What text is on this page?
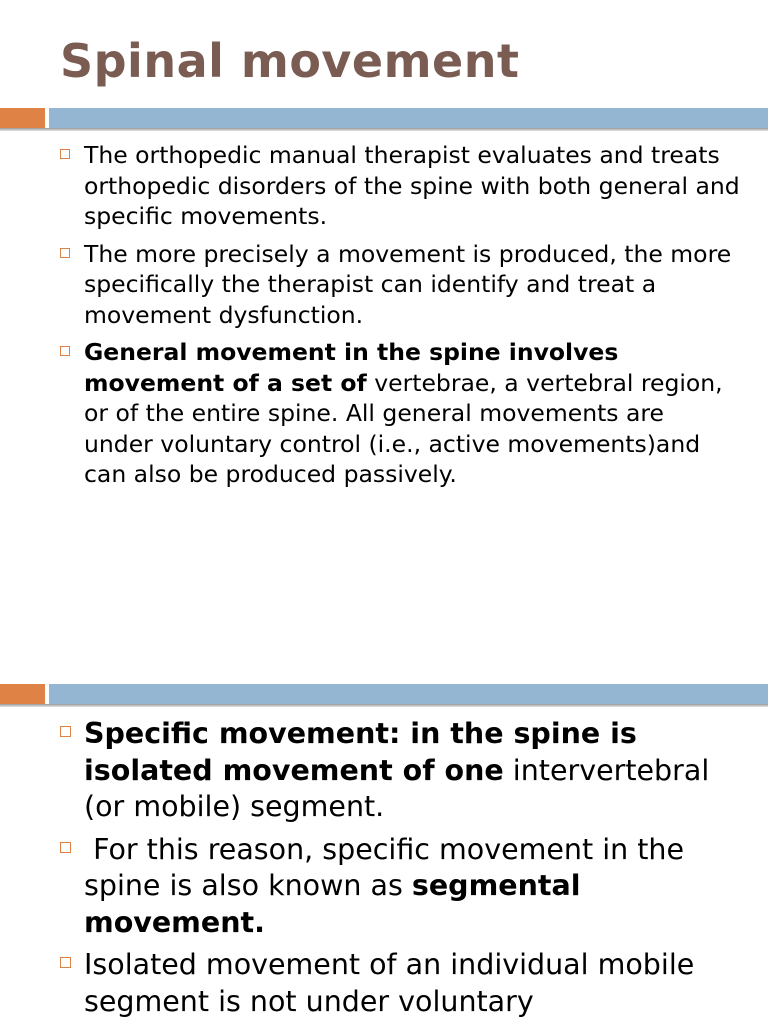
Spinal movement
The orthopedic manual therapist evaluates and treats orthopedic disorders of the spine with both general and specific movements.
The more precisely a movement is produced, the more specifically the therapist can identify and treat a movement dysfunction.
General movement in the spine involves movement of a set of vertebrae, a vertebral region, or of the entire spine. All general movements are under voluntary control (i.e., active movements)and can also be produced passively.
Specific movement: in the spine is isolated movement of one intervertebral (or mobile) segment.
For this reason, specific movement in the spine is also known as segmental movement.
Isolated movement of an individual mobile segment is not under voluntary
